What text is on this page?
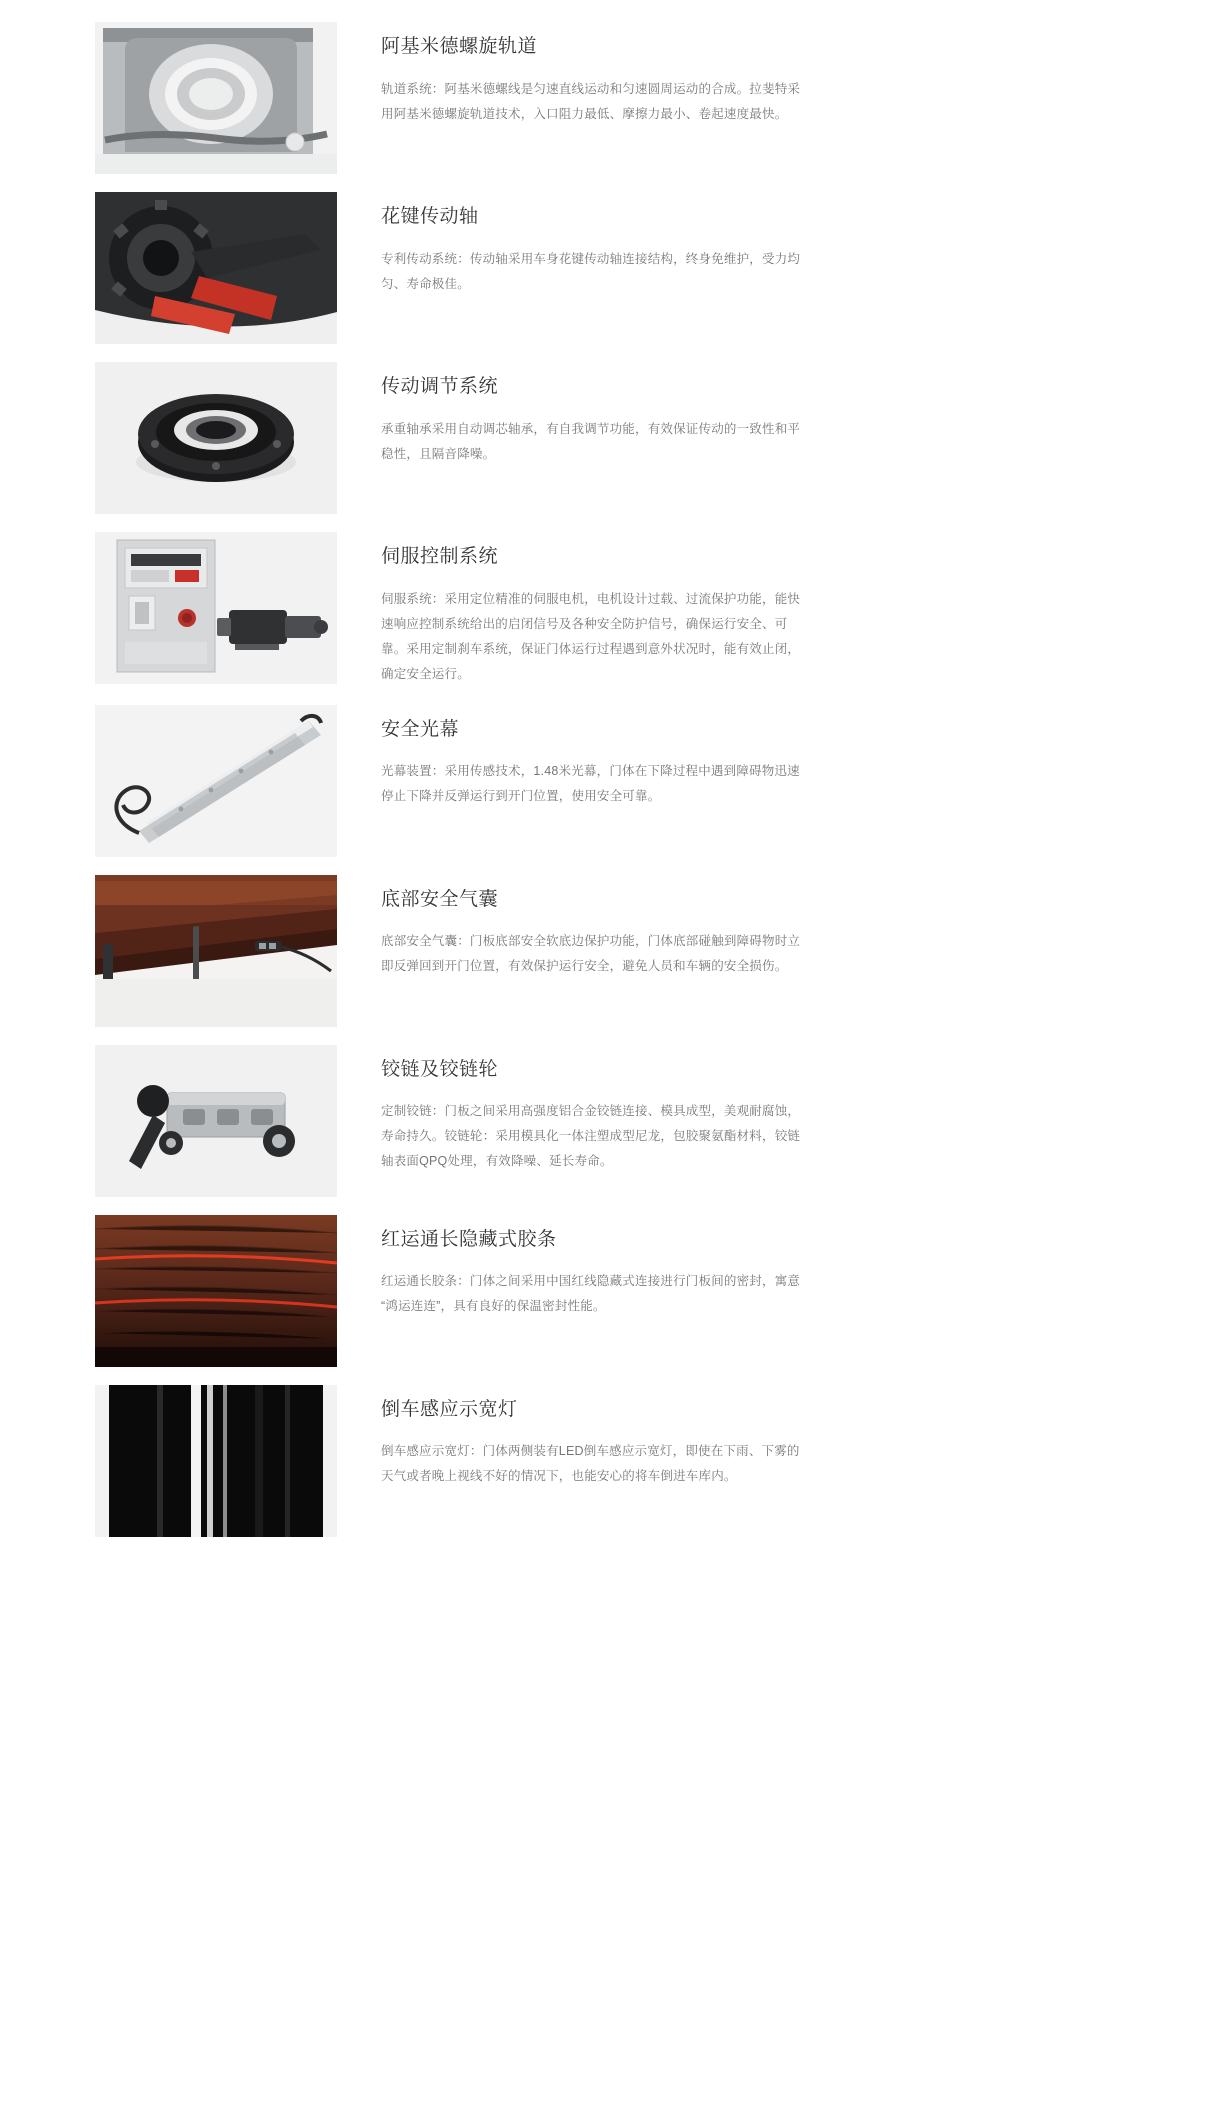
阿基米德螺旋轨道

轨道系统：阿基米德螺线是匀速直线运动和匀速圆周运动的合成。拉斐特采用阿基米德螺旋轨道技术，入口阻力最低、摩擦力最小、卷起速度最快。

花键传动轴

专利传动系统：传动轴采用车身花键传动轴连接结构，终身免维护，受力均匀、寿命极佳。

传动调节系统

承重轴承采用自动调芯轴承，有自我调节功能，有效保证传动的一致性和平稳性，且隔音降噪。

伺服控制系统

伺服系统：采用定位精准的伺服电机，电机设计过载、过流保护功能，能快速响应控制系统给出的启闭信号及各种安全防护信号，确保运行安全、可靠。采用定制刹车系统，保证门体运行过程遇到意外状况时，能有效止闭，确定安全运行。

安全光幕

光幕装置：采用传感技术，1.48米光幕，门体在下降过程中遇到障碍物迅速停止下降并反弹运行到开门位置，使用安全可靠。

底部安全气囊

底部安全气囊：门板底部安全软底边保护功能，门体底部碰触到障碍物时立即反弹回到开门位置，有效保护运行安全，避免人员和车辆的安全损伤。

铰链及铰链轮

定制铰链：门板之间采用高强度铝合金铰链连接、模具成型，美观耐腐蚀，寿命持久。铰链轮：采用模具化一体注塑成型尼龙，包胶聚氨酯材料，铰链轴表面QPQ处理，有效降噪、延长寿命。

红运通长隐藏式胶条

红运通长胶条：门体之间采用中国红线隐藏式连接进行门板间的密封，寓意“鸿运连连”，具有良好的保温密封性能。

倒车感应示宽灯

倒车感应示宽灯：门体两侧装有LED倒车感应示宽灯，即使在下雨、下雾的天气或者晚上视线不好的情况下，也能安心的将车倒进车库内。
